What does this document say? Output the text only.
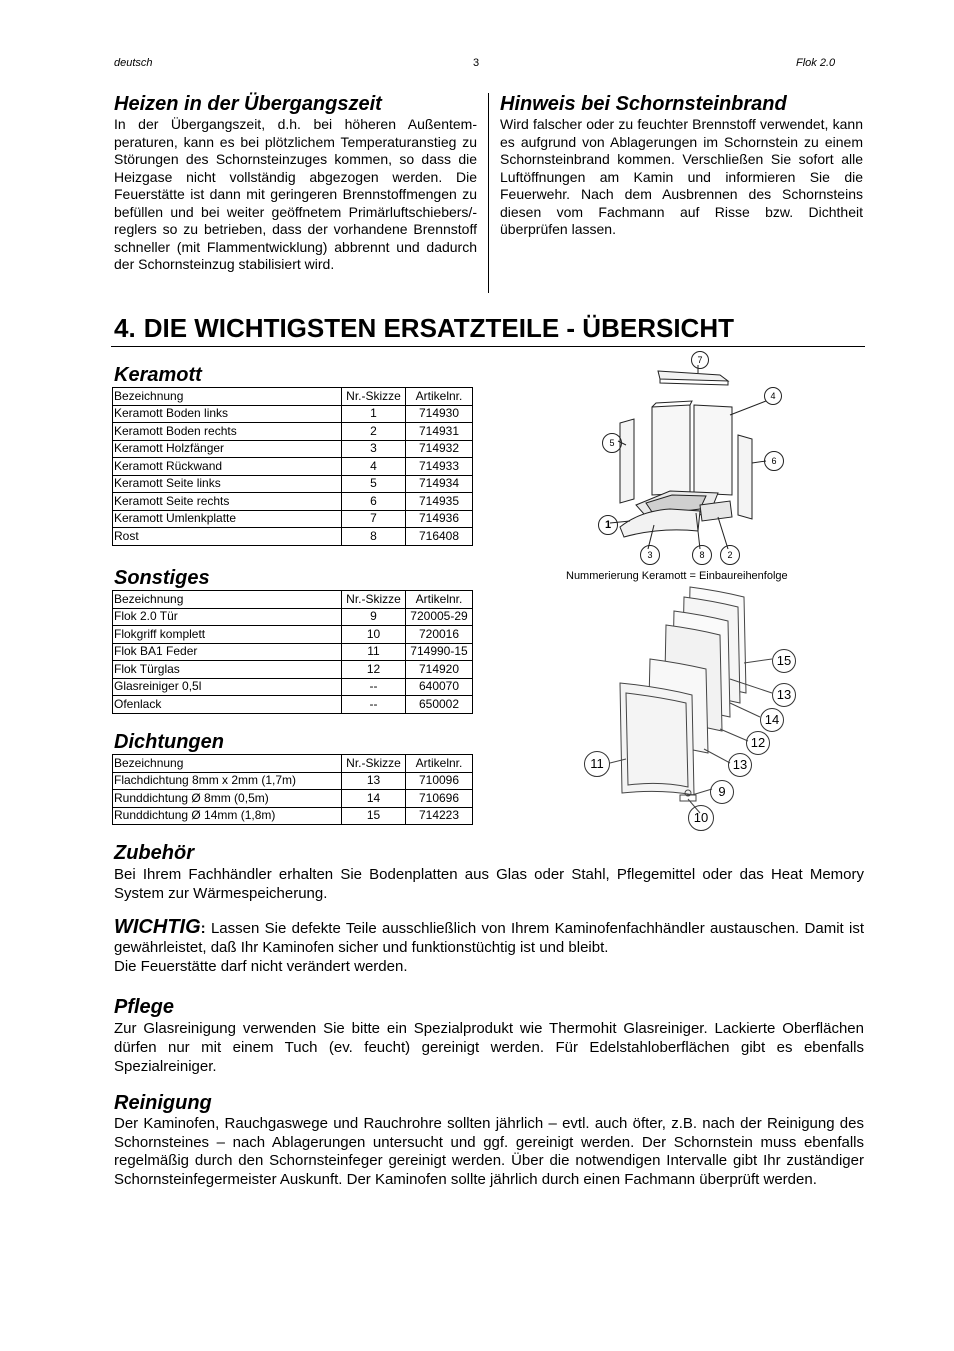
deutsch	3	Flok 2.0
Heizen in der Übergangszeit
In der Übergangszeit, d.h. bei höheren Außentemperaturen, kann es bei plötzlichem Temperaturanstieg zu Störungen des Schornsteinzuges kommen, so dass die Heizgase nicht vollständig abgezogen werden. Die Feuerstätte ist dann mit geringeren Brennstoffmengen zu befüllen und bei weiter geöffnetem Primärluftschiebers/-reglers so zu betrieben, dass der vorhandene Brennstoff schneller (mit Flammentwicklung) abbrennt und dadurch der Schornsteinzug stabilisiert wird.
Hinweis bei Schornsteinbrand
Wird falscher oder zu feuchter Brennstoff verwendet, kann es aufgrund von Ablagerungen im Schornstein zu einem Schornsteinbrand kommen. Verschließen Sie sofort alle Luftöffnungen am Kamin und informieren Sie die Feuerwehr. Nach dem Ausbrennen des Schornsteins diesen vom Fachmann auf Risse bzw. Dichtheit überprüfen lassen.
4. DIE WICHTIGSTEN ERSATZTEILE - ÜBERSICHT
Keramott
Bezeichnung	Nr.-Skizze	Artikelnr.
Keramott Boden links	1	714930
Keramott Boden rechts	2	714931
Keramott Holzfänger	3	714932
Keramott Rückwand	4	714933
Keramott Seite links	5	714934
Keramott Seite rechts	6	714935
Keramott Umlenkplatte	7	714936
Rost	8	716408
Sonstiges
Bezeichnung	Nr.-Skizze	Artikelnr.
Flok 2.0 Tür	9	720005-29
Flokgriff komplett	10	720016
Flok BA1 Feder	11	714990-15
Flok Türglas	12	714920
Glasreiniger 0,5l	--	640070
Ofenlack	--	650002
Dichtungen
Bezeichnung	Nr.-Skizze	Artikelnr.
Flachdichtung 8mm x 2mm (1,7m)	13	710096
Runddichtung Ø 8mm (0,5m)	14	710696
Runddichtung Ø 14mm (1,8m)	15	714223
7
4
5
6
1
3	8	2
Nummerierung Keramott = Einbaureihenfolge
15
13
14
12
11	13
9
10
Zubehör
Bei Ihrem Fachhändler erhalten Sie Bodenplatten aus Glas oder Stahl, Pflegemittel oder das Heat Memory System zur Wärmespeicherung.

WICHTIG: Lassen Sie defekte Teile ausschließlich von Ihrem Kaminofenfachhändler austauschen. Damit ist gewährleistet, daß Ihr Kaminofen sicher und funktionstüchtig ist und bleibt.

Die Feuerstätte darf nicht verändert werden.

Pflege
Zur Glasreinigung verwenden Sie bitte ein Spezialprodukt wie Thermohit Glasreiniger. Lackierte Oberflächen dürfen nur mit einem Tuch (ev. feucht) gereinigt werden. Für Edelstahloberflächen gibt es ebenfalls Spezialreiniger.
Reinigung
Der Kaminofen, Rauchgaswege und Rauchrohre sollten jährlich – evtl. auch öfter, z.B. nach der Reinigung des Schornsteines – nach Ablagerungen untersucht und ggf. gereinigt werden. Der Schornstein muss ebenfalls regelmäßig durch den Schornsteinfeger gereinigt werden. Über die notwendigen Intervalle gibt Ihr zuständiger Schornsteinfegermeister Auskunft. Der Kaminofen sollte jährlich durch einen Fachmann überprüft werden.
